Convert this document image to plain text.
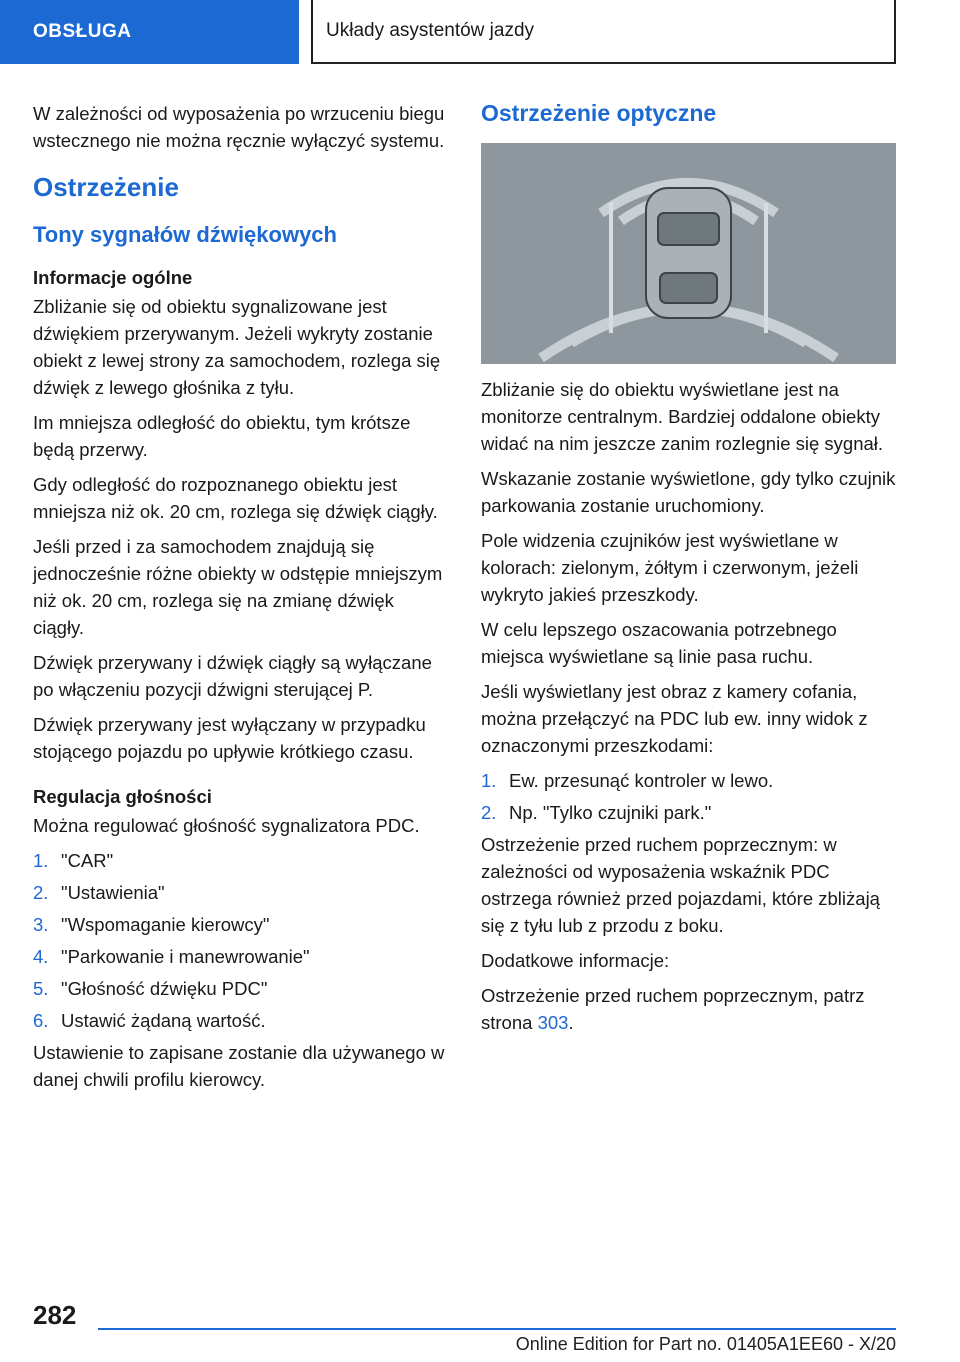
OBSŁUGA	Układy asystentów jazdy

W zależności od wyposażenia po wrzuceniu biegu wstecznego nie można ręcznie wyłączyć systemu.

Ostrzeżenie
Tony sygnałów dźwiękowych
Informacje ogólne

Zbliżanie się od obiektu sygnalizowane jest dźwiękiem przerywanym. Jeżeli wykryty zostanie obiekt z lewej strony za samochodem, rozlega się dźwięk z lewego głośnika z tyłu.

Im mniejsza odległość do obiektu, tym krótsze będą przerwy.

Gdy odległość do rozpoznanego obiektu jest mniejsza niż ok. 20 cm, rozlega się dźwięk ciągły.

Jeśli przed i za samochodem znajdują się jednocześnie różne obiekty w odstępie mniejszym niż ok. 20 cm, rozlega się na zmianę dźwięk ciągły.

Dźwięk przerywany i dźwięk ciągły są wyłączane po włączeniu pozycji dźwigni sterującej P.

Dźwięk przerywany jest wyłączany w przypadku stojącego pojazdu po upływie krótkiego czasu.

Regulacja głośności

Można regulować głośność sygnalizatora PDC.

1. "CAR"
2. "Ustawienia"
3. "Wspomaganie kierowcy"
4. "Parkowanie i manewrowanie"
5. "Głośność dźwięku PDC"
6. Ustawić żądaną wartość.

Ustawienie to zapisane zostanie dla używanego w danej chwili profilu kierowcy.

Ostrzeżenie optyczne

Zbliżanie się do obiektu wyświetlane jest na monitorze centralnym. Bardziej oddalone obiekty widać na nim jeszcze zanim rozlegnie się sygnał.

Wskazanie zostanie wyświetlone, gdy tylko czujnik parkowania zostanie uruchomiony.

Pole widzenia czujników jest wyświetlane w kolorach: zielonym, żółtym i czerwonym, jeżeli wykryto jakieś przeszkody.

W celu lepszego oszacowania potrzebnego miejsca wyświetlane są linie pasa ruchu.

Jeśli wyświetlany jest obraz z kamery cofania, można przełączyć na PDC lub ew. inny widok z oznaczonymi przeszkodami:

1. Ew. przesunąć kontroler w lewo.
2. Np. "Tylko czujniki park."

Ostrzeżenie przed ruchem poprzecznym: w zależności od wyposażenia wskaźnik PDC ostrzega również przed pojazdami, które zbliżają się z tyłu lub z przodu z boku.

Dodatkowe informacje:

Ostrzeżenie przed ruchem poprzecznym, patrz strona 303.

282
Online Edition for Part no. 01405A1EE60 - X/20
